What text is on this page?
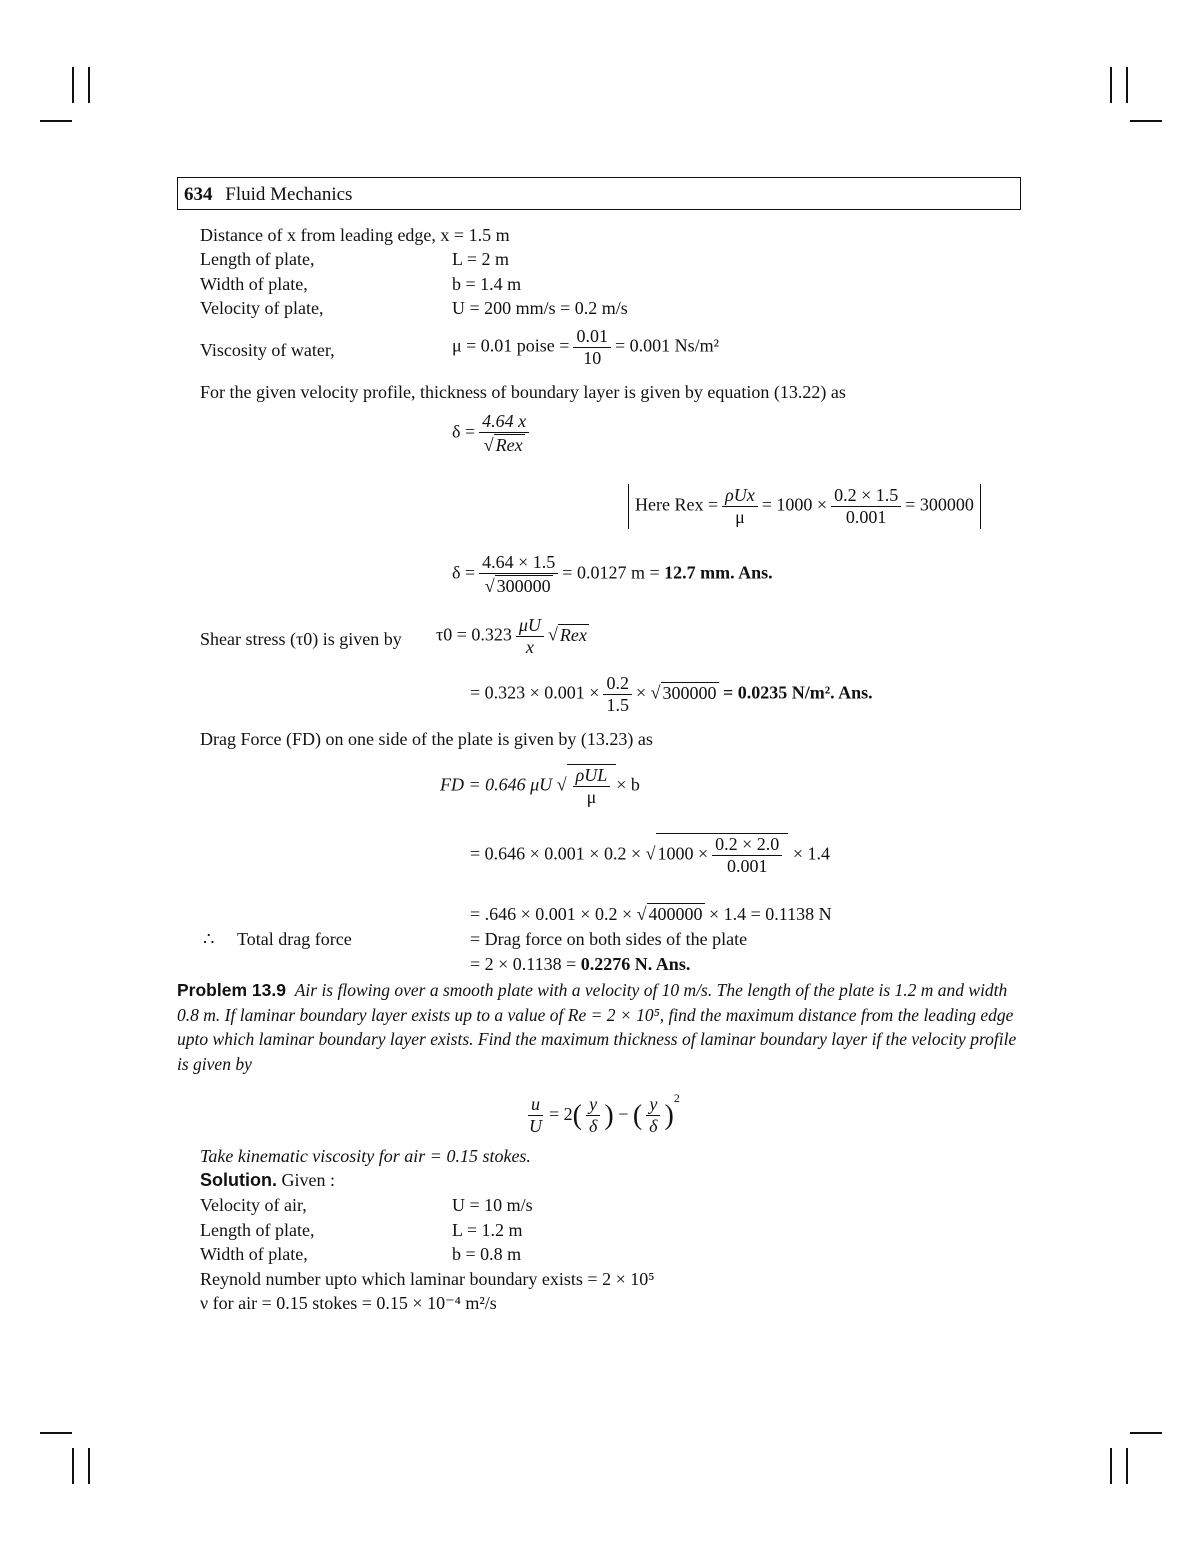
634 Fluid Mechanics
Distance of x from leading edge, x = 1.5 m
Length of plate,	L = 2 m
Width of plate,	b = 1.4 m
Velocity of plate,	U = 200 mm/s = 0.2 m/s
Viscosity of water,	μ = 0.01 poise = $\frac{0.01}{10} = 0.001$ Ns/m²
For the given velocity profile, thickness of boundary layer is given by equation (13.22) as
$\delta = \frac{4.64 x}{\text{√ Rex}}$
Here Rex = $\frac{\text{ρUx}}{\mu} = 1000 \times \frac{0.2 \times 1.5}{0.001} = 300000$
$\delta = \frac{4.64 \times 1.5}{√ 300000} = 0.0127$ m = 12.7 mm. Ans.
Shear stress (τ0) is given by $\tau 0 = 0.323 \frac{\mu U}{x}$ √ Rex
= $0.323 \times 0.001 \times \frac{0.2}{1.5}$ × √ 300000 = 0.0235 N/m². Ans.
Drag Force (FD) on one side of the plate is given by (13.23) as
FD = 0.646 μU √ $\frac{\text{ρUL}}{\mu} \times b$
= 0.646 × 0.001 × 0.2 × √ $1000 \times \frac{0.2 \times 2.0}{0.001} \times 1.4$
= .646 × 0.001 × 0.2 × √ 400000 × 1.4 = 0.1138 N
∴ Total drag force	= Drag force on both sides of the plate
= 2 × 0.1138 = 0.2276 N. Ans.
Problem 13.9 Air is flowing over a smooth plate with a velocity of 10 m/s. The length of the plate is 1.2 m and width 0.8 m. If laminar boundary layer exists up to a value of Re = 2 × 10⁵, find the maximum distance from the leading edge upto which laminar boundary layer exists. Find the maximum thickness of laminar boundary layer if the velocity profile is given by
$\frac{u}{U} = 2( \frac{y}{\delta}$ ) − ( $\frac{y}{\delta} )^2$
Take kinematic viscosity for air = 0.15 stokes.
Solution. Given :
Velocity of air,	U = 10 m/s
Length of plate,	L = 1.2 m
Width of plate,	b = 0.8 m
Reynold number upto which laminar boundary exists = 2 × 10⁵
ν for air = 0.15 stokes = 0.15 × 10⁻⁴ m²/s
